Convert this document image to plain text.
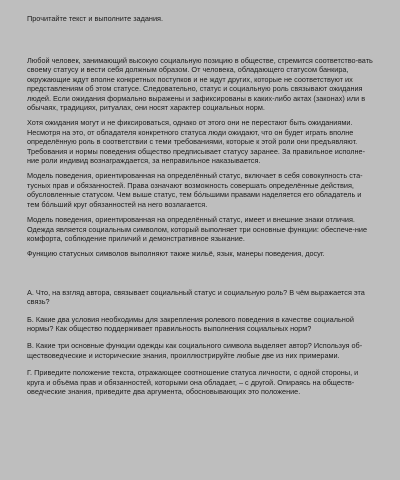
Прочитайте текст и выполните задания.

Любой человек, занимающий высокую социальную позицию в обществе, стремится соответство-вать своему статусу и вести себя должным образом. От человека, обладающего статусом банкира, окружающие ждут вполне конкретных поступков и не ждут других, которые не соответствуют их представлениям об этом статусе. Следовательно, статус и социальную роль связывают ожидания людей. Если ожидания формально выражены и зафиксированы в каких-либо актах (законах) или в обычаях, традициях, ритуалах, они носят характер социальных норм.

Хотя ожидания могут и не фиксироваться, однако от этого они не перестают быть ожиданиями. Несмотря на это, от обладателя конкретного статуса люди ожидают, что он будет играть вполне определённую роль в соответствии с теми требованиями, которые к этой роли они предъявляют. Требования и нормы поведения общество предписывает статусу заранее. За правильное исполне-ние роли индивид вознаграждается, за неправильное наказывается.

Модель поведения, ориентированная на определённый статус, включает в себя совокупность ста-тусных прав и обязанностей. Права означают возможность совершать определённые действия, обусловленные статусом. Чем выше статус, тем бóльшими правами наделяется его обладатель и тем бóльший круг обязанностей на него возлагается.

Модель поведения, ориентированная на определённый статус, имеет и внешние знаки отличия. Одежда является социальным символом, который выполняет три основные функции: обеспече-ние комфорта, соблюдение приличий и демонстративное языкание.

Функцию статусных символов выполняют также жильё, язык, манеры поведения, досуг.

А. Что, на взгляд автора, связывает социальный статус и социальную роль? В чём выражается эта связь?

Б. Какие два условия необходимы для закрепления ролевого поведения в качестве социальной нормы? Как общество поддерживает правильность выполнения социальных норм?

В. Какие три основные функции одежды как социального символа выделяет автор? Используя об-ществоведческие и исторические знания, проиллюстрируйте любые две из них примерами.

Г. Приведите положение текста, отражающее соотношение статуса личности, с одной стороны, и круга и объёма прав и обязанностей, которыми она обладает, – с другой. Опираясь на обществ-оведческие знания, приведите два аргумента, обосновывающих это положение.
